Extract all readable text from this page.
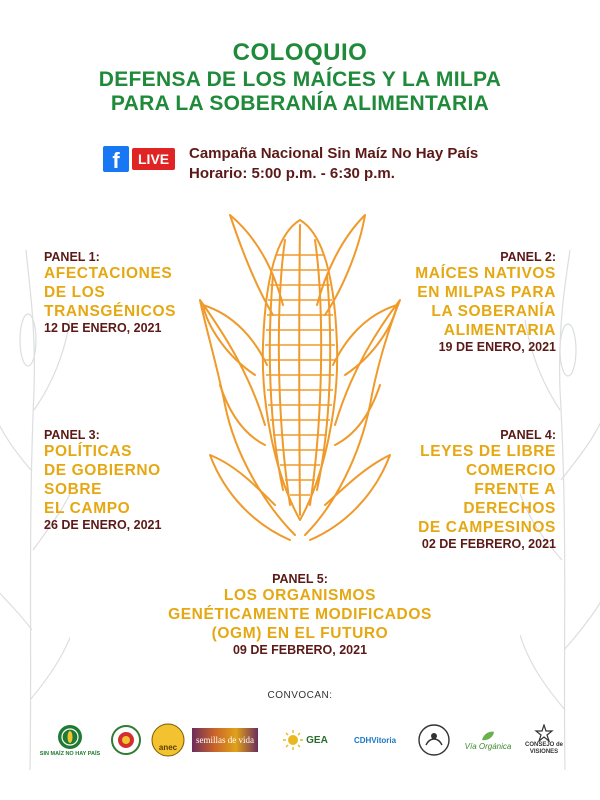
COLOQUIO
DEFENSA DE LOS MAÍCES Y LA MILPA
PARA LA SOBERANÍA ALIMENTARIA
f	LIVE	Campaña Nacional Sin Maíz No Hay País
Horario: 5:00 p.m. - 6:30 p.m.
PANEL 1:
AFECTACIONES
DE LOS
TRANSGÉNICOS
12 DE ENERO, 2021
PANEL 2:
MAÍCES NATIVOS
EN MILPAS PARA
LA SOBERANÍA
ALIMENTARIA
19 DE ENERO, 2021
PANEL 3:
POLÍTICAS
DE GOBIERNO
SOBRE
EL CAMPO
26 DE ENERO, 2021
PANEL 4:
LEYES DE LIBRE
COMERCIO
FRENTE A
DERECHOS
DE CAMPESINOS
02 DE FEBRERO, 2021
PANEL 5:
LOS ORGANISMOS
GENÉTICAMENTE MODIFICADOS
(OGM) EN EL FUTURO
09 DE FEBRERO, 2021
CONVOCAN:
SIN MAÍZ NO HAY PAÍS
anec
semillas de vida	GEA	CDHVitoria
Vía Orgánica	CONSEJO de VISIONES
